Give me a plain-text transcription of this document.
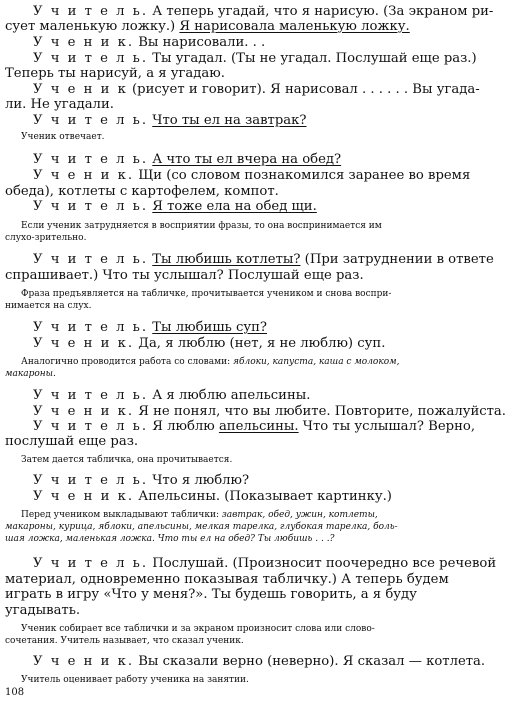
У ч и т е л ь. А теперь угадай, что я нарисую. (За экраном ри-
сует маленькую ложку.) Я нарисовала маленькую ложку.
У ч е н и к. Вы нарисовали. . .
У ч и т е л ь. Ты угадал. (Ты не угадал. Послушай еще раз.)
Теперь ты нарисуй, а я угадаю.
У ч е н и к (рисует и говорит). Я нарисовал . . . . . . Вы угада-
ли. Не угадали.
У ч и т е л ь. Что ты ел на завтрак?
Ученик отвечает.
У ч и т е л ь. А что ты ел вчера на обед?
У ч е н и к. Щи (со словом познакомился заранее во время
обеда), котлеты с картофелем, компот.
У ч и т е л ь. Я тоже ела на обед щи.
Если ученик затрудняется в восприятии фразы, то она воспринимается им
слухо-зрительно.
У ч и т е л ь. Ты любишь котлеты? (При затруднении в ответе
спрашивает.) Что ты услышал? Послушай еще раз.
Фраза предъявляется на табличке, прочитывается учеником и снова воспри-
нимается на слух.
У ч и т е л ь. Ты любишь суп?
У ч е н и к. Да, я люблю (нет, я не люблю) суп.
Аналогично проводится работа со словами: яблоки, капуста, каша с молоком,
макароны.
У ч и т е л ь. А я люблю апельсины.
У ч е н и к. Я не понял, что вы любите. Повторите, пожалуйста.
У ч и т е л ь. Я люблю апельсины. Что ты услышал? Верно,
послушай еще раз.
Затем дается табличка, она прочитывается.
У ч и т е л ь. Что я люблю?
У ч е н и к. Апельсины. (Показывает картинку.)
Перед учеником выкладывают таблички: завтрак, обед, ужин, котлеты,
макароны, курица, яблоки, апельсины, мелкая тарелка, глубокая тарелка, боль-
шая ложка, маленькая ложка. Что ты ел на обед? Ты любишь . . .?
У ч и т е л ь. Послушай. (Произносит поочередно все речевой
материал, одновременно показывая табличку.) А теперь будем
играть в игру «Что у меня?». Ты будешь говорить, а я буду
угадывать.
Ученик собирает все таблички и за экраном произносит слова или слово-
сочетания. Учитель называет, что сказал ученик.
У ч е н и к. Вы сказали верно (неверно). Я сказал — котлета.
Учитель оценивает работу ученика на занятии.
108
